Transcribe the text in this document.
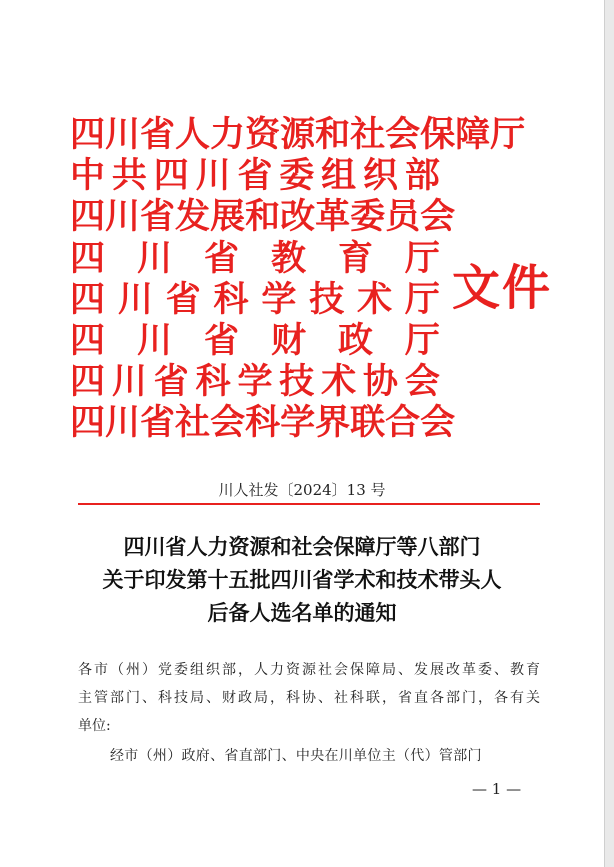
四 川 省 人 力 资 源 和 社 会 保 障 厅
中 共 四 川 省 委 组 织 部
四 川 省 发 展 和 改 革 委 员 会
四 川 省 教 育 厅
四 川 省 科 学 技 术 厅
四 川 省 财 政 厅
四 川 省 科 学 技 术 协 会
四 川 省 社 会 科 学 界 联 合 会
文件
川人社发〔2024〕13 号
四川省人力资源和社会保障厅等八部门
关于印发第十五批四川省学术和技术带头人
后备人选名单的通知
各 市 （ 州 ） 党 委 组 织 部 ， 人 力 资 源 社 会 保 障 局 、 发 展 改 革 委 、 教 育
主 管 部 门 、 科 技 局 、 财 政 局 ， 科 协 、 社 科 联 ， 省 直 各 部 门 ， 各 有 关
单位:
经市（州）政府、省直部门、中央在川单位主（代）管部门
— 1 —
